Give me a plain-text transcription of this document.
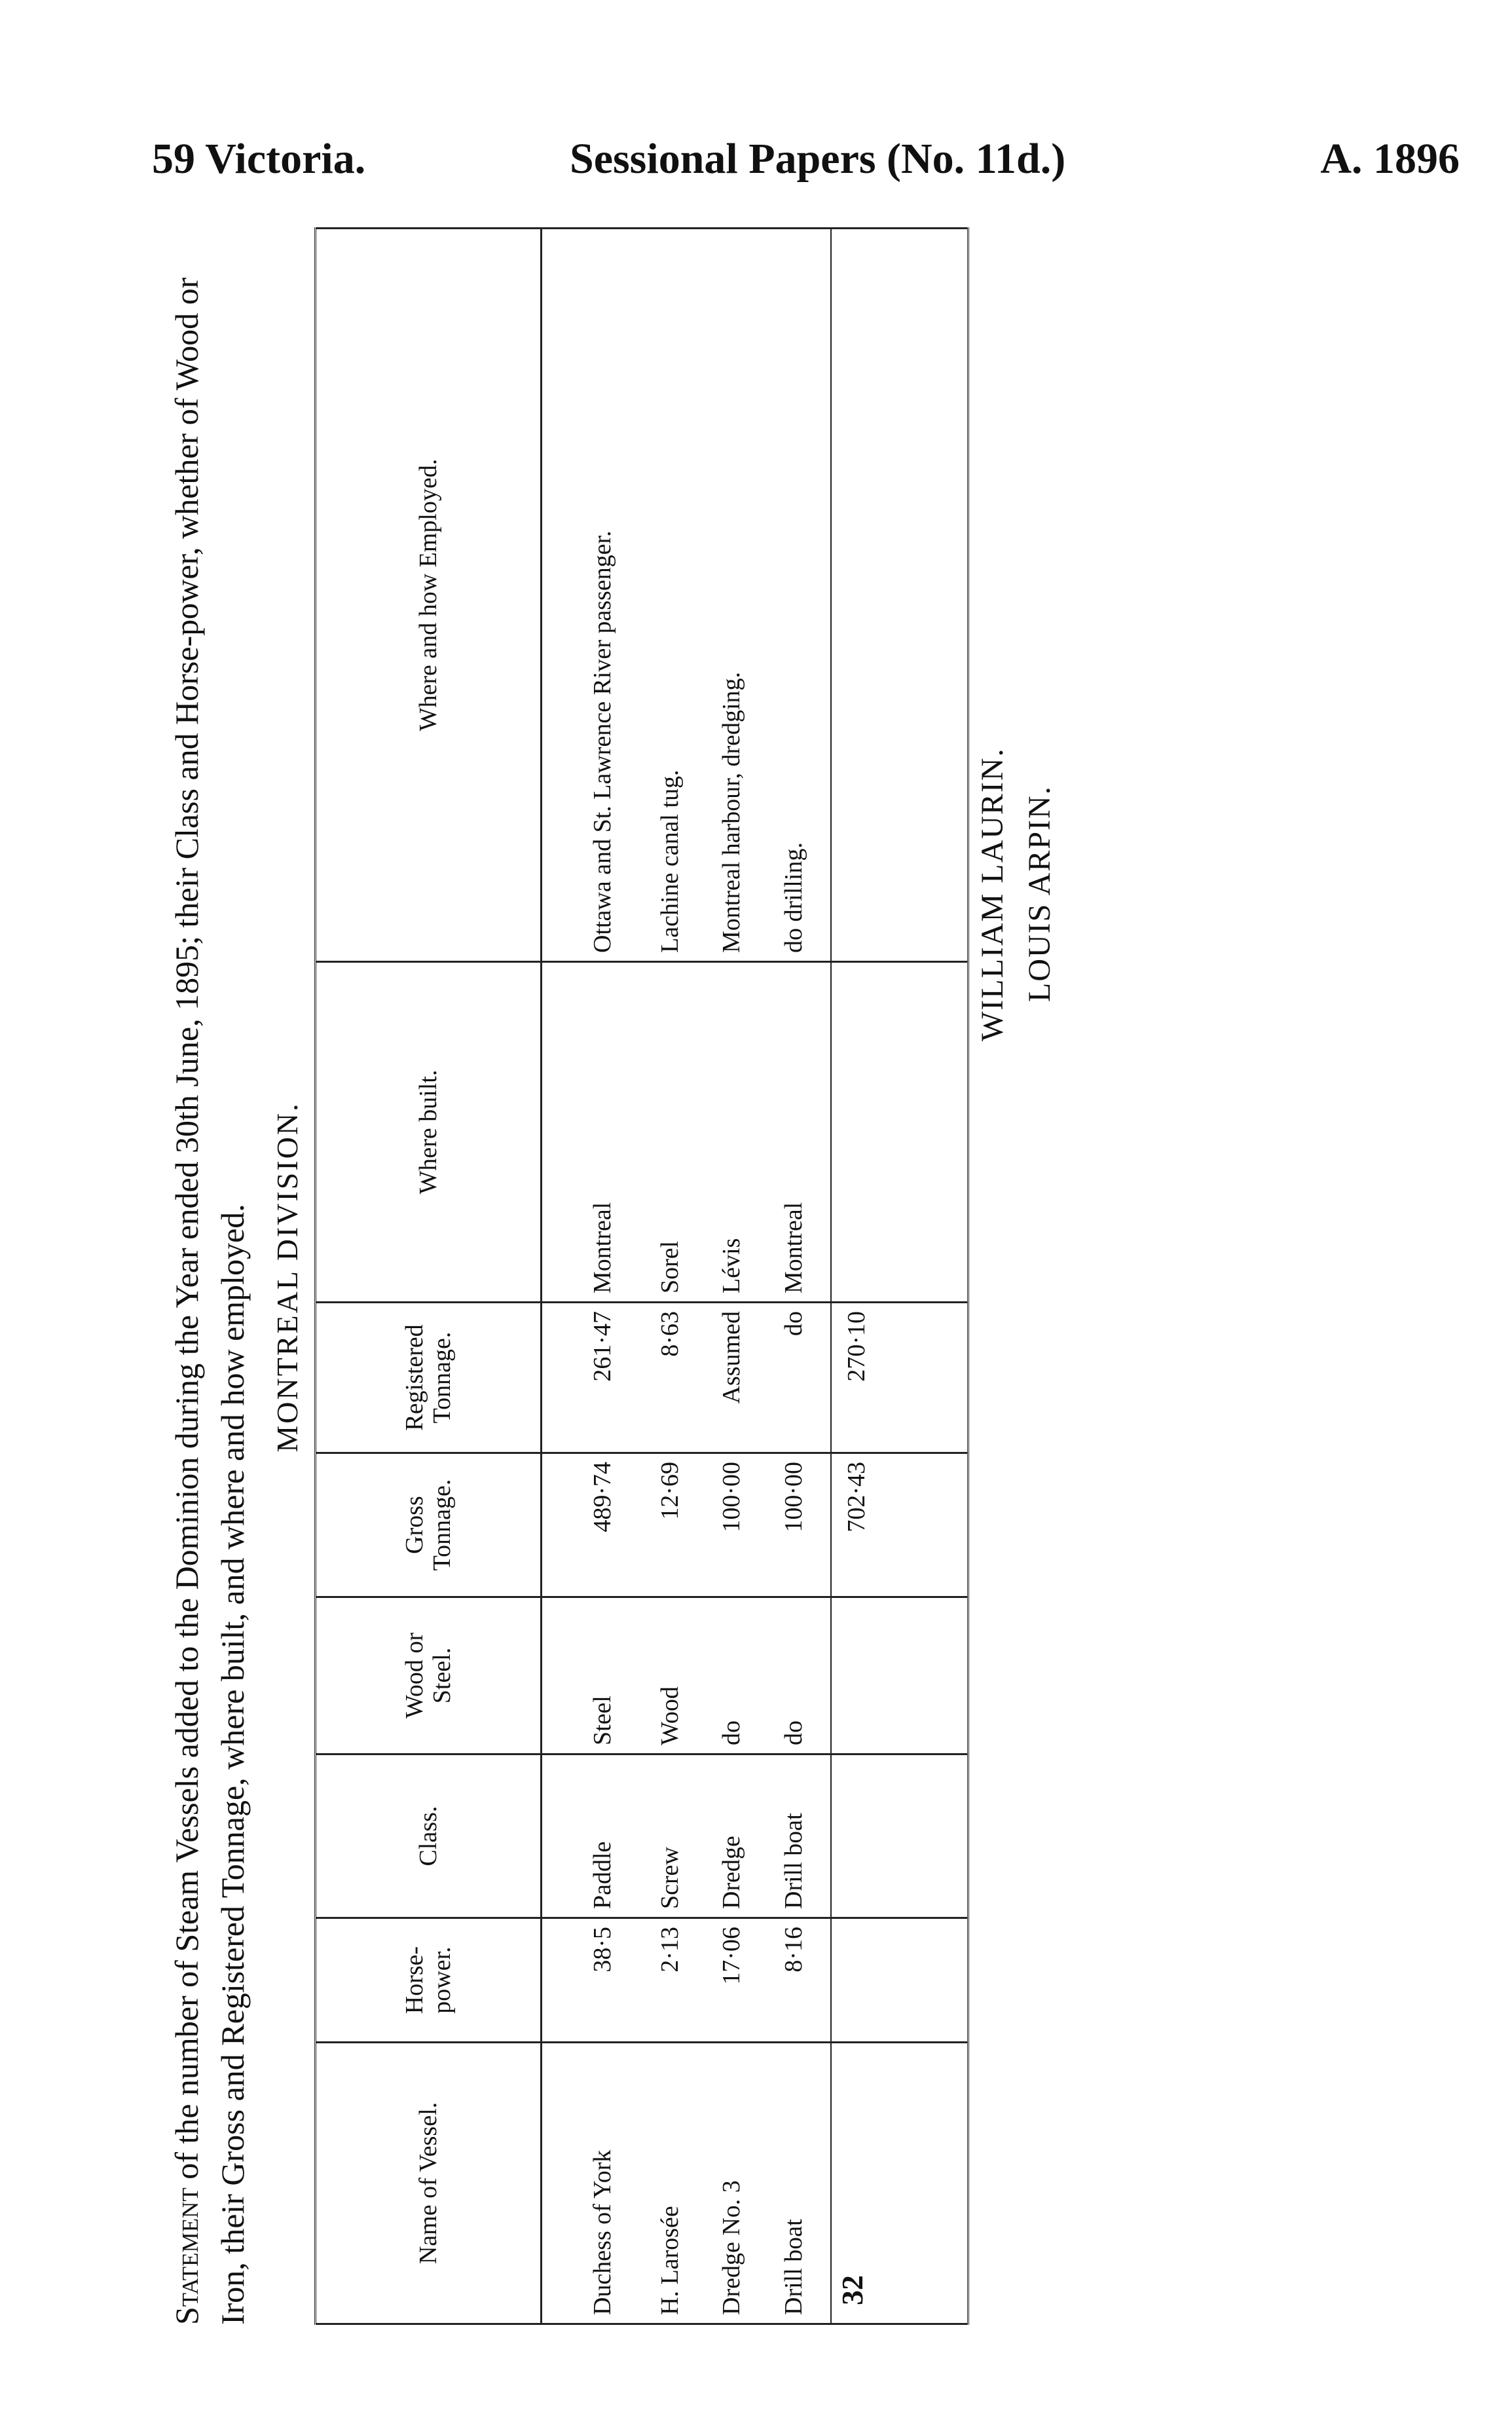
59 Victoria.	Sessional Papers (No. 11d.)	A. 1896
Statement of the number of Steam Vessels added to the Dominion during the Year ended 30th June, 1895; their Class and Horse-power, whether of Wood or Iron, their Gross and Registered Tonnage, where built, and where and how employed. MONTREAL DIVISION.
Name of Vessel.	Horse-power.	Class.	Wood or Steel.	Gross Tonnage.	Registered Tonnage.	Where built.	Where and how Employed.
Duchess of York	38·5	Paddle	Steel	489·74	261·47	Montreal	Ottawa and St. Lawrence River passenger.
H. Larosée	2·13	Screw	Wood	12·69	8·63	Sorel	Lachine canal tug.
Dredge No. 3	17·06	Dredge	do	100·00	Assumed	Lévis	Montreal harbour, dredging.
Drill boat	8·16	Drill boat	do	100·00	do	Montreal	do drilling.
				702·43	270·10		

WILLIAM LAURIN. LOUIS ARPIN.
32
